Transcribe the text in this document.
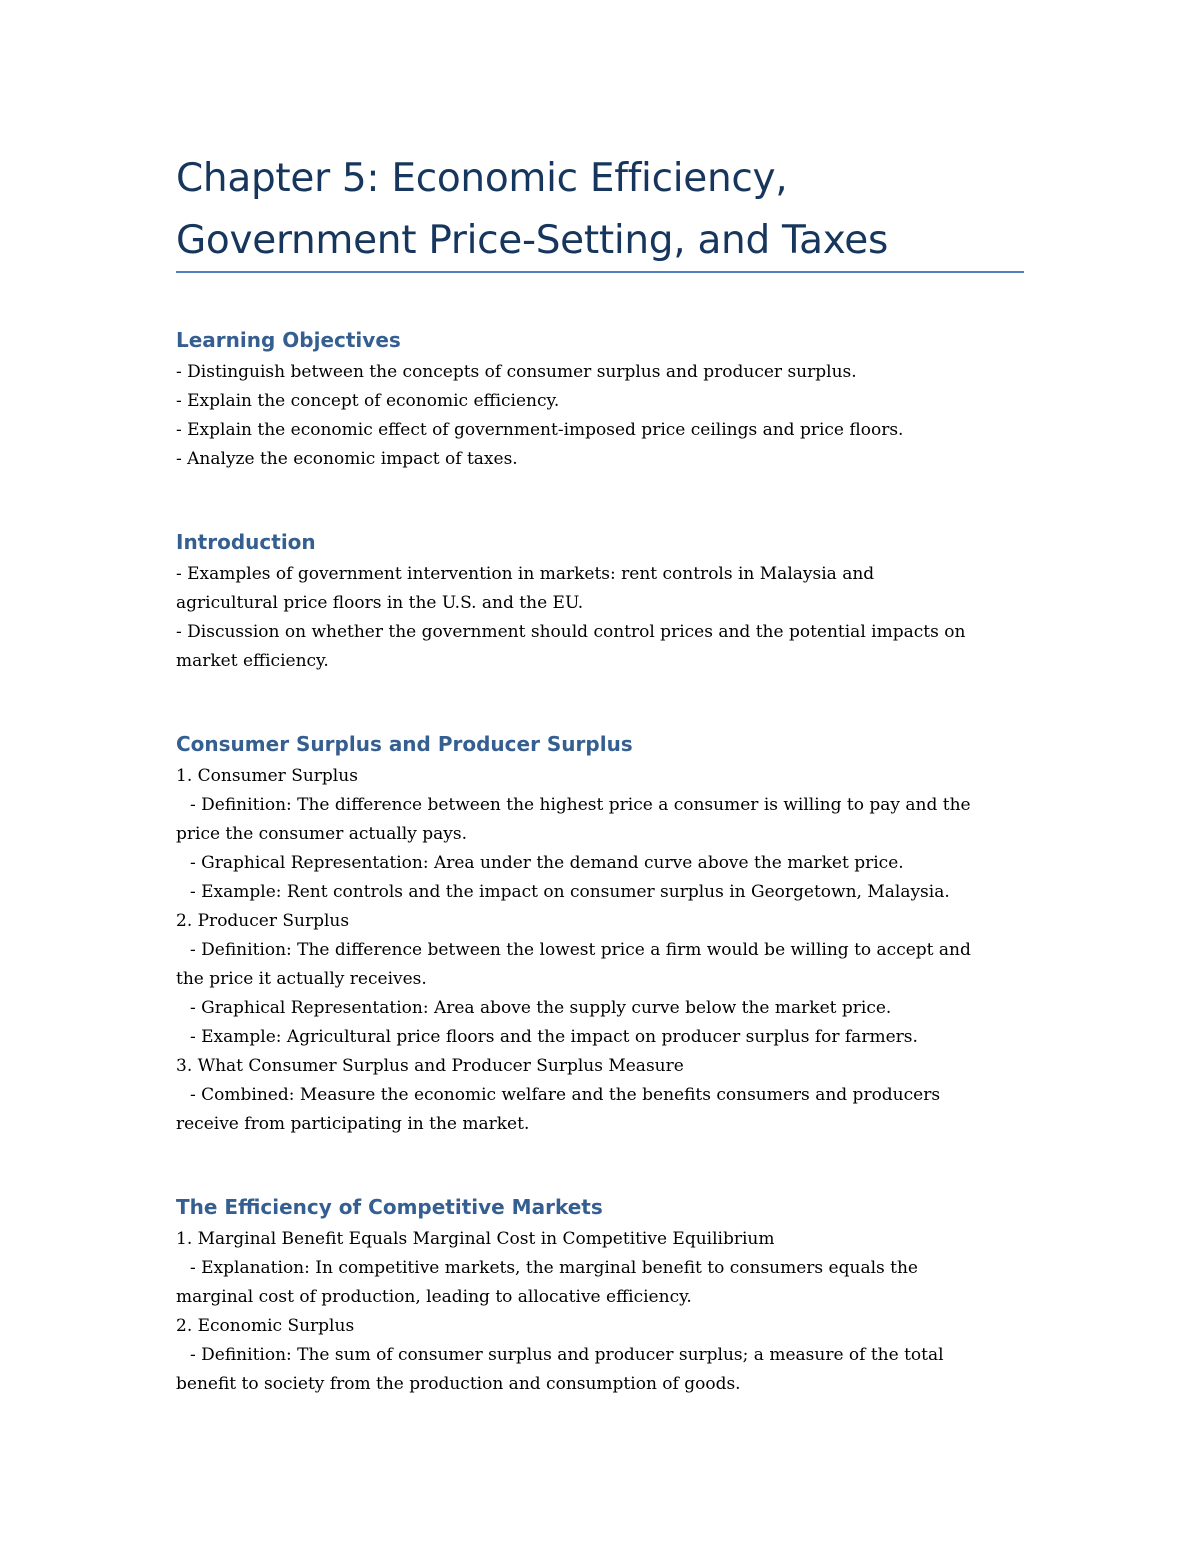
Chapter 5: Economic Efficiency,
Government Price-Setting, and Taxes
Learning Objectives
- Distinguish between the concepts of consumer surplus and producer surplus.
- Explain the concept of economic efficiency.
- Explain the economic effect of government-imposed price ceilings and price floors.
- Analyze the economic impact of taxes.
Introduction
- Examples of government intervention in markets: rent controls in Malaysia and
agricultural price floors in the U.S. and the EU.
- Discussion on whether the government should control prices and the potential impacts on
market efficiency.
Consumer Surplus and Producer Surplus
1. Consumer Surplus
- Definition: The difference between the highest price a consumer is willing to pay and the
price the consumer actually pays.
- Graphical Representation: Area under the demand curve above the market price.
- Example: Rent controls and the impact on consumer surplus in Georgetown, Malaysia.
2. Producer Surplus
- Definition: The difference between the lowest price a firm would be willing to accept and
the price it actually receives.
- Graphical Representation: Area above the supply curve below the market price.
- Example: Agricultural price floors and the impact on producer surplus for farmers.
3. What Consumer Surplus and Producer Surplus Measure
- Combined: Measure the economic welfare and the benefits consumers and producers
receive from participating in the market.
The Efficiency of Competitive Markets
1. Marginal Benefit Equals Marginal Cost in Competitive Equilibrium
- Explanation: In competitive markets, the marginal benefit to consumers equals the
marginal cost of production, leading to allocative efficiency.
2. Economic Surplus
- Definition: The sum of consumer surplus and producer surplus; a measure of the total
benefit to society from the production and consumption of goods.
